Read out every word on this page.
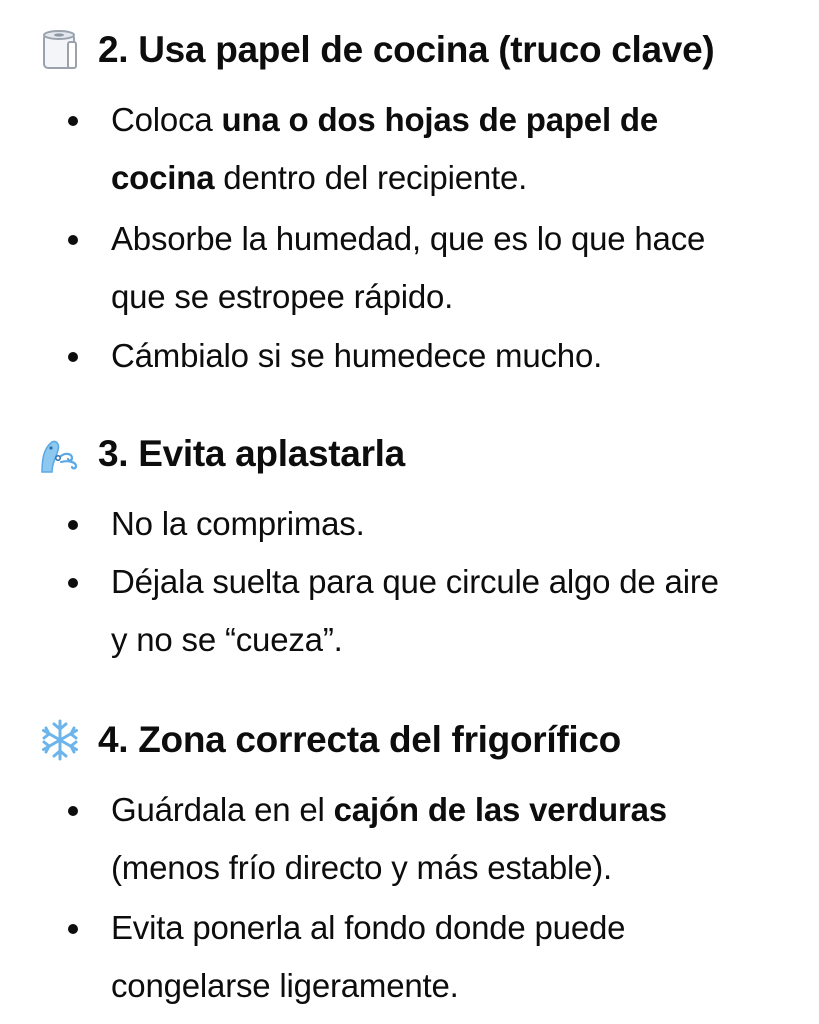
2. Usa papel de cocina (truco clave)
Coloca una o dos hojas de papel de
cocina dentro del recipiente.
Absorbe la humedad, que es lo que hace
que se estropee rápido.
Cámbialo si se humedece mucho.
3. Evita aplastarla
No la comprimas.
Déjala suelta para que circule algo de aire
y no se “cueza”.
4. Zona correcta del frigorífico
Guárdala en el cajón de las verduras
(menos frío directo y más estable).
Evita ponerla al fondo donde puede
congelarse ligeramente.
